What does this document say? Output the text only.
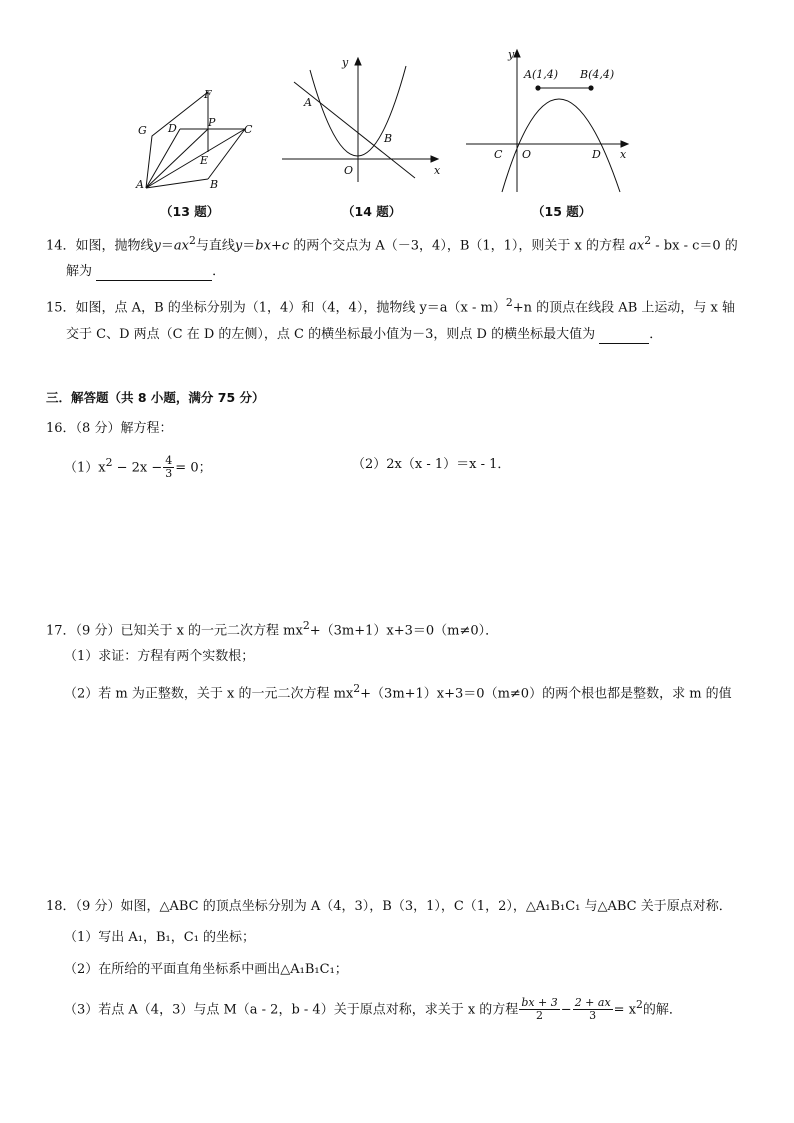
F
G D	P
C
E
A	B
（13 题）
y
A
B
O	x
（14 题）
y
A(1,4) B(4,4)
C O	D x
（15 题）
14．如图，抛物线$y=ax^2$与直线y＝bx+c 的两个交点为 A（－3，4），B（1，1），则关于 x 的方程 $ax^2$ - bx - c＝0 的
解为	．
15．如图，点 A，B 的坐标分别为（1，4）和（4，4），抛物线 y＝a（x - m）$^2$+n 的顶点在线段 AB 上运动，与 x 轴
交于 C、D 两点（C 在 D 的左侧），点 C 的横坐标最小值为－3，则点 D 的横坐标最大值为	．
三．解答题（共 8 小题，满分 75 分）
16．（8 分）解方程：
$(1)x^2 - 2x - \frac{4}{3} = 0$；	（2）2x（x - 1）＝x - 1．
17．（9 分）已知关于 x 的一元二次方程 $mx^2+(3m+1)x+3=0(m\ne 0)$．
（1）求证：方程有两个实数根；
（2）若 m 为正整数，关于 x 的一元二次方程 $mx^2+(3m+1)x+3=0(m\ne 0)$的两个根也都是整数，求 m 的值
18．（9 分）如图，△ABC 的顶点坐标分别为 A（4，3），B（3，1），C（1，2），△A₁B₁C₁ 与△ABC 关于原点对称．
（1）写出 A₁，B₁，C₁ 的坐标；
（2）在所给的平面直角坐标系中画出△A₁B₁C₁；
（3）若点 A（4，3）与点 M（a - 2，b - 4）关于原点对称，求关于 x 的方程 $\frac{bx + 3}{2} - \frac{2 + ax}{3} = x^2$的解．
